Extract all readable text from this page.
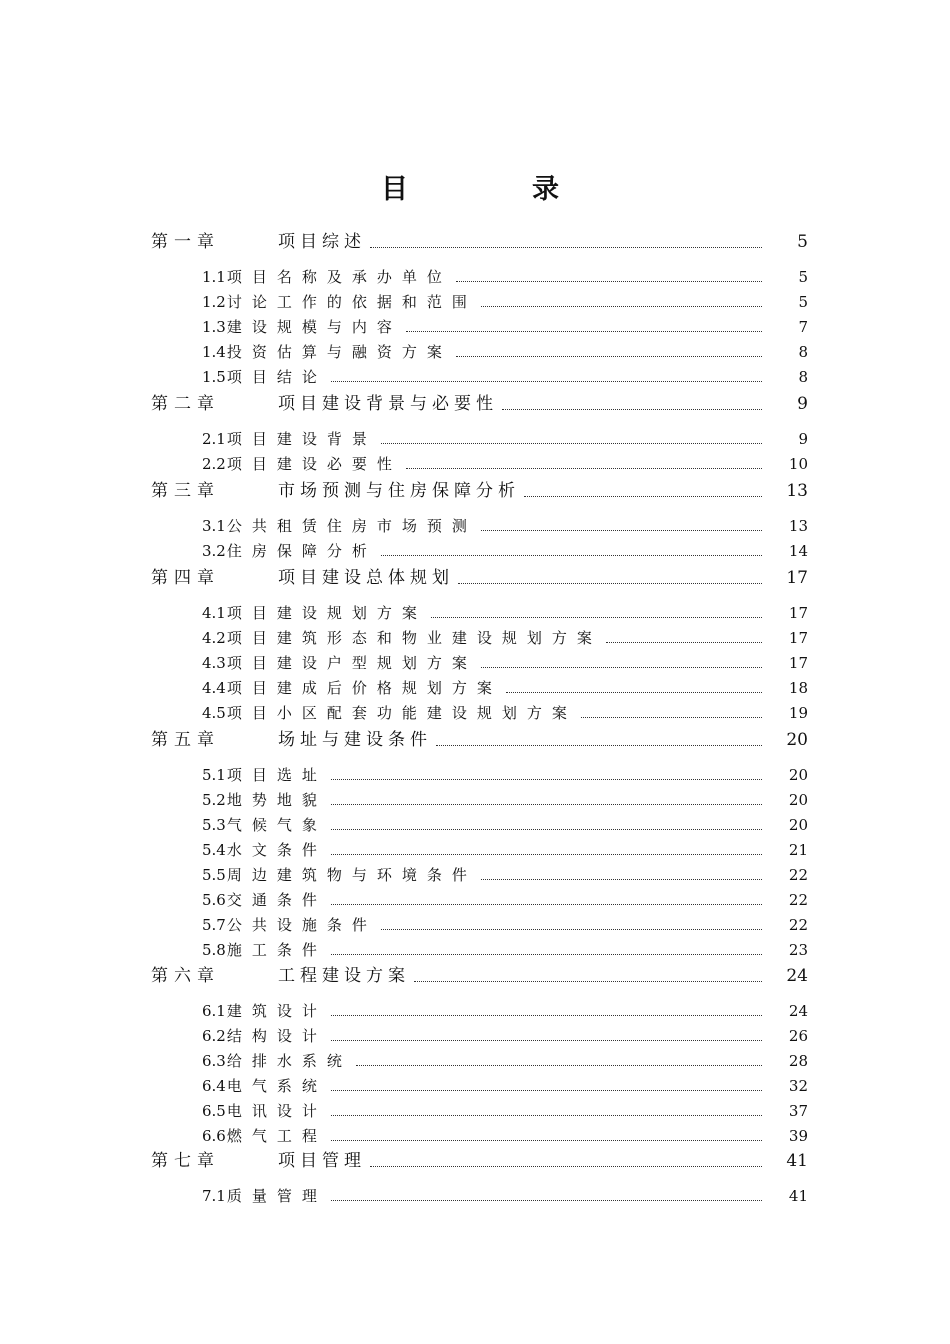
目	录
第一章	项目综述	5
1.1 项目名称及承办单位	5
1.2 讨论工作的依据和范围	5
1.3 建设规模与内容	7
1.4 投资估算与融资方案	8
1.5 项目结论	8
第二章	项目建设背景与必要性	9
2.1 项目建设背景	9
2.2 项目建设必要性	10
第三章	市场预测与住房保障分析	13
3.1 公共租赁住房市场预测	13
3.2 住房保障分析	14
第四章	项目建设总体规划	17
4.1 项目建设规划方案	17
4.2 项目建筑形态和物业建设规划方案	17
4.3 项目建设户型规划方案	17
4.4 项目建成后价格规划方案	18
4.5 项目小区配套功能建设规划方案	19
第五章	场址与建设条件	20
5.1 项目选址	20
5.2 地势地貌	20
5.3 气候气象	20
5.4 水文条件	21
5.5 周边建筑物与环境条件	22
5.6 交通条件	22
5.7 公共设施条件	22
5.8 施工条件	23
第六章	工程建设方案	24
6.1 建筑设计	24
6.2 结构设计	26
6.3 给排水系统	28
6.4 电气系统	32
6.5 电讯设计	37
6.6 燃气工程	39
第七章	项目管理	41
7.1 质量管理	41
